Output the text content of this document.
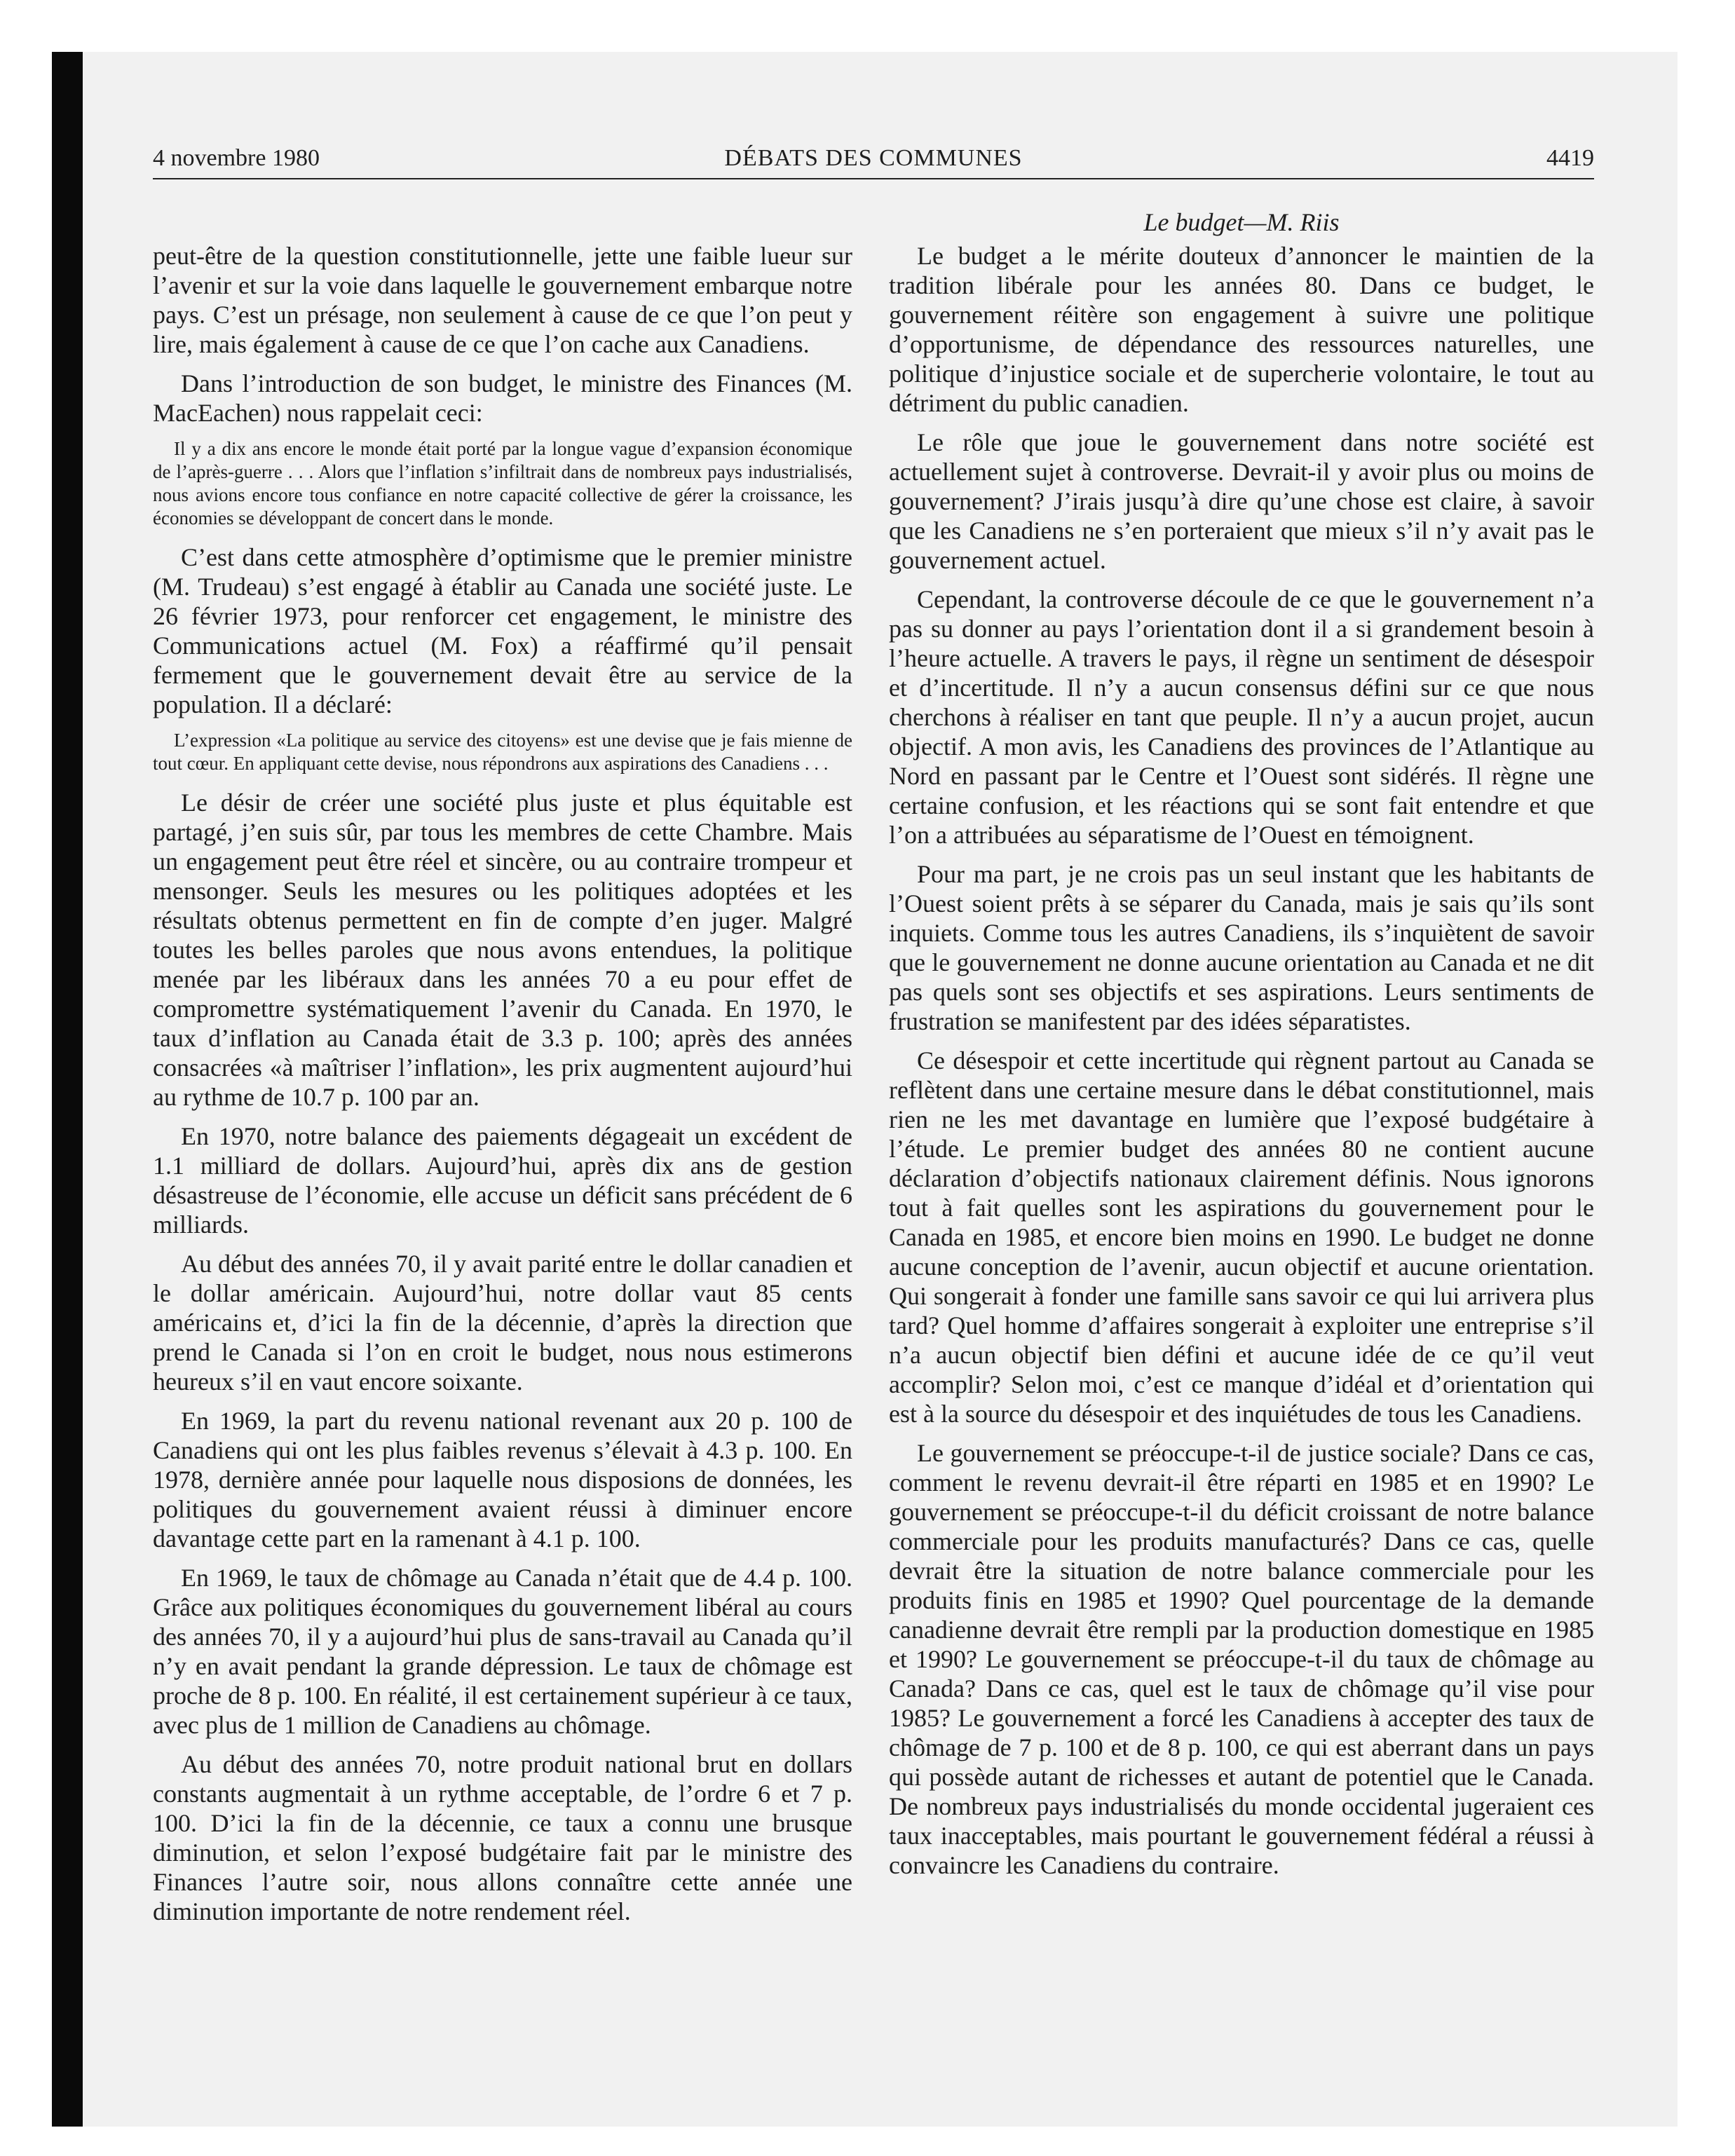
4 novembre 1980	DÉBATS DES COMMUNES	4419

peut-être de la question constitutionnelle, jette une faible lueur sur l’avenir et sur la voie dans laquelle le gouvernement embarque notre pays. C’est un présage, non seulement à cause de ce que l’on peut y lire, mais également à cause de ce que l’on cache aux Canadiens.

Dans l’introduction de son budget, le ministre des Finances (M. MacEachen) nous rappelait ceci:

Il y a dix ans encore le monde était porté par la longue vague d’expansion économique de l’après-guerre . . . Alors que l’inflation s’infiltrait dans de nombreux pays industrialisés, nous avions encore tous confiance en notre capacité collective de gérer la croissance, les économies se développant de concert dans le monde.

C’est dans cette atmosphère d’optimisme que le premier ministre (M. Trudeau) s’est engagé à établir au Canada une société juste. Le 26 février 1973, pour renforcer cet engagement, le ministre des Communications actuel (M. Fox) a réaffirmé qu’il pensait fermement que le gouvernement devait être au service de la population. Il a déclaré:

L’expression «La politique au service des citoyens» est une devise que je fais mienne de tout cœur. En appliquant cette devise, nous répondrons aux aspirations des Canadiens . . .

Le désir de créer une société plus juste et plus équitable est partagé, j’en suis sûr, par tous les membres de cette Chambre. Mais un engagement peut être réel et sincère, ou au contraire trompeur et mensonger. Seuls les mesures ou les politiques adoptées et les résultats obtenus permettent en fin de compte d’en juger. Malgré toutes les belles paroles que nous avons entendues, la politique menée par les libéraux dans les années 70 a eu pour effet de compromettre systématiquement l’avenir du Canada. En 1970, le taux d’inflation au Canada était de 3.3 p. 100; après des années consacrées «à maîtriser l’inflation», les prix augmentent aujourd’hui au rythme de 10.7 p. 100 par an.

En 1970, notre balance des paiements dégageait un excédent de 1.1 milliard de dollars. Aujourd’hui, après dix ans de gestion désastreuse de l’économie, elle accuse un déficit sans précédent de 6 milliards.

Au début des années 70, il y avait parité entre le dollar canadien et le dollar américain. Aujourd’hui, notre dollar vaut 85 cents américains et, d’ici la fin de la décennie, d’après la direction que prend le Canada si l’on en croit le budget, nous nous estimerons heureux s’il en vaut encore soixante.

En 1969, la part du revenu national revenant aux 20 p. 100 de Canadiens qui ont les plus faibles revenus s’élevait à 4.3 p. 100. En 1978, dernière année pour laquelle nous disposions de données, les politiques du gouvernement avaient réussi à diminuer encore davantage cette part en la ramenant à 4.1 p. 100.

En 1969, le taux de chômage au Canada n’était que de 4.4 p. 100. Grâce aux politiques économiques du gouvernement libéral au cours des années 70, il y a aujourd’hui plus de sans-travail au Canada qu’il n’y en avait pendant la grande dépression. Le taux de chômage est proche de 8 p. 100. En réalité, il est certainement supérieur à ce taux, avec plus de 1 million de Canadiens au chômage.

Au début des années 70, notre produit national brut en dollars constants augmentait à un rythme acceptable, de l’ordre 6 et 7 p. 100. D’ici la fin de la décennie, ce taux a connu une brusque diminution, et selon l’exposé budgétaire fait par le ministre des Finances l’autre soir, nous allons connaître cette année une diminution importante de notre rendement réel.

Le budget—M. Riis

Le budget a le mérite douteux d’annoncer le maintien de la tradition libérale pour les années 80. Dans ce budget, le gouvernement réitère son engagement à suivre une politique d’opportunisme, de dépendance des ressources naturelles, une politique d’injustice sociale et de supercherie volontaire, le tout au détriment du public canadien.

Le rôle que joue le gouvernement dans notre société est actuellement sujet à controverse. Devrait-il y avoir plus ou moins de gouvernement? J’irais jusqu’à dire qu’une chose est claire, à savoir que les Canadiens ne s’en porteraient que mieux s’il n’y avait pas le gouvernement actuel.

Cependant, la controverse découle de ce que le gouvernement n’a pas su donner au pays l’orientation dont il a si grandement besoin à l’heure actuelle. A travers le pays, il règne un sentiment de désespoir et d’incertitude. Il n’y a aucun consensus défini sur ce que nous cherchons à réaliser en tant que peuple. Il n’y a aucun projet, aucun objectif. A mon avis, les Canadiens des provinces de l’Atlantique au Nord en passant par le Centre et l’Ouest sont sidérés. Il règne une certaine confusion, et les réactions qui se sont fait entendre et que l’on a attribuées au séparatisme de l’Ouest en témoignent.

Pour ma part, je ne crois pas un seul instant que les habitants de l’Ouest soient prêts à se séparer du Canada, mais je sais qu’ils sont inquiets. Comme tous les autres Canadiens, ils s’inquiètent de savoir que le gouvernement ne donne aucune orientation au Canada et ne dit pas quels sont ses objectifs et ses aspirations. Leurs sentiments de frustration se manifestent par des idées séparatistes.

Ce désespoir et cette incertitude qui règnent partout au Canada se reflètent dans une certaine mesure dans le débat constitutionnel, mais rien ne les met davantage en lumière que l’exposé budgétaire à l’étude. Le premier budget des années 80 ne contient aucune déclaration d’objectifs nationaux clairement définis. Nous ignorons tout à fait quelles sont les aspirations du gouvernement pour le Canada en 1985, et encore bien moins en 1990. Le budget ne donne aucune conception de l’avenir, aucun objectif et aucune orientation. Qui songerait à fonder une famille sans savoir ce qui lui arrivera plus tard? Quel homme d’affaires songerait à exploiter une entreprise s’il n’a aucun objectif bien défini et aucune idée de ce qu’il veut accomplir? Selon moi, c’est ce manque d’idéal et d’orientation qui est à la source du désespoir et des inquiétudes de tous les Canadiens.

Le gouvernement se préoccupe-t-il de justice sociale? Dans ce cas, comment le revenu devrait-il être réparti en 1985 et en 1990? Le gouvernement se préoccupe-t-il du déficit croissant de notre balance commerciale pour les produits manufacturés? Dans ce cas, quelle devrait être la situation de notre balance commerciale pour les produits finis en 1985 et 1990? Quel pourcentage de la demande canadienne devrait être rempli par la production domestique en 1985 et 1990? Le gouvernement se préoccupe-t-il du taux de chômage au Canada? Dans ce cas, quel est le taux de chômage qu’il vise pour 1985? Le gouvernement a forcé les Canadiens à accepter des taux de chômage de 7 p. 100 et de 8 p. 100, ce qui est aberrant dans un pays qui possède autant de richesses et autant de potentiel que le Canada. De nombreux pays industrialisés du monde occidental jugeraient ces taux inacceptables, mais pourtant le gouvernement fédéral a réussi à convaincre les Canadiens du contraire.
